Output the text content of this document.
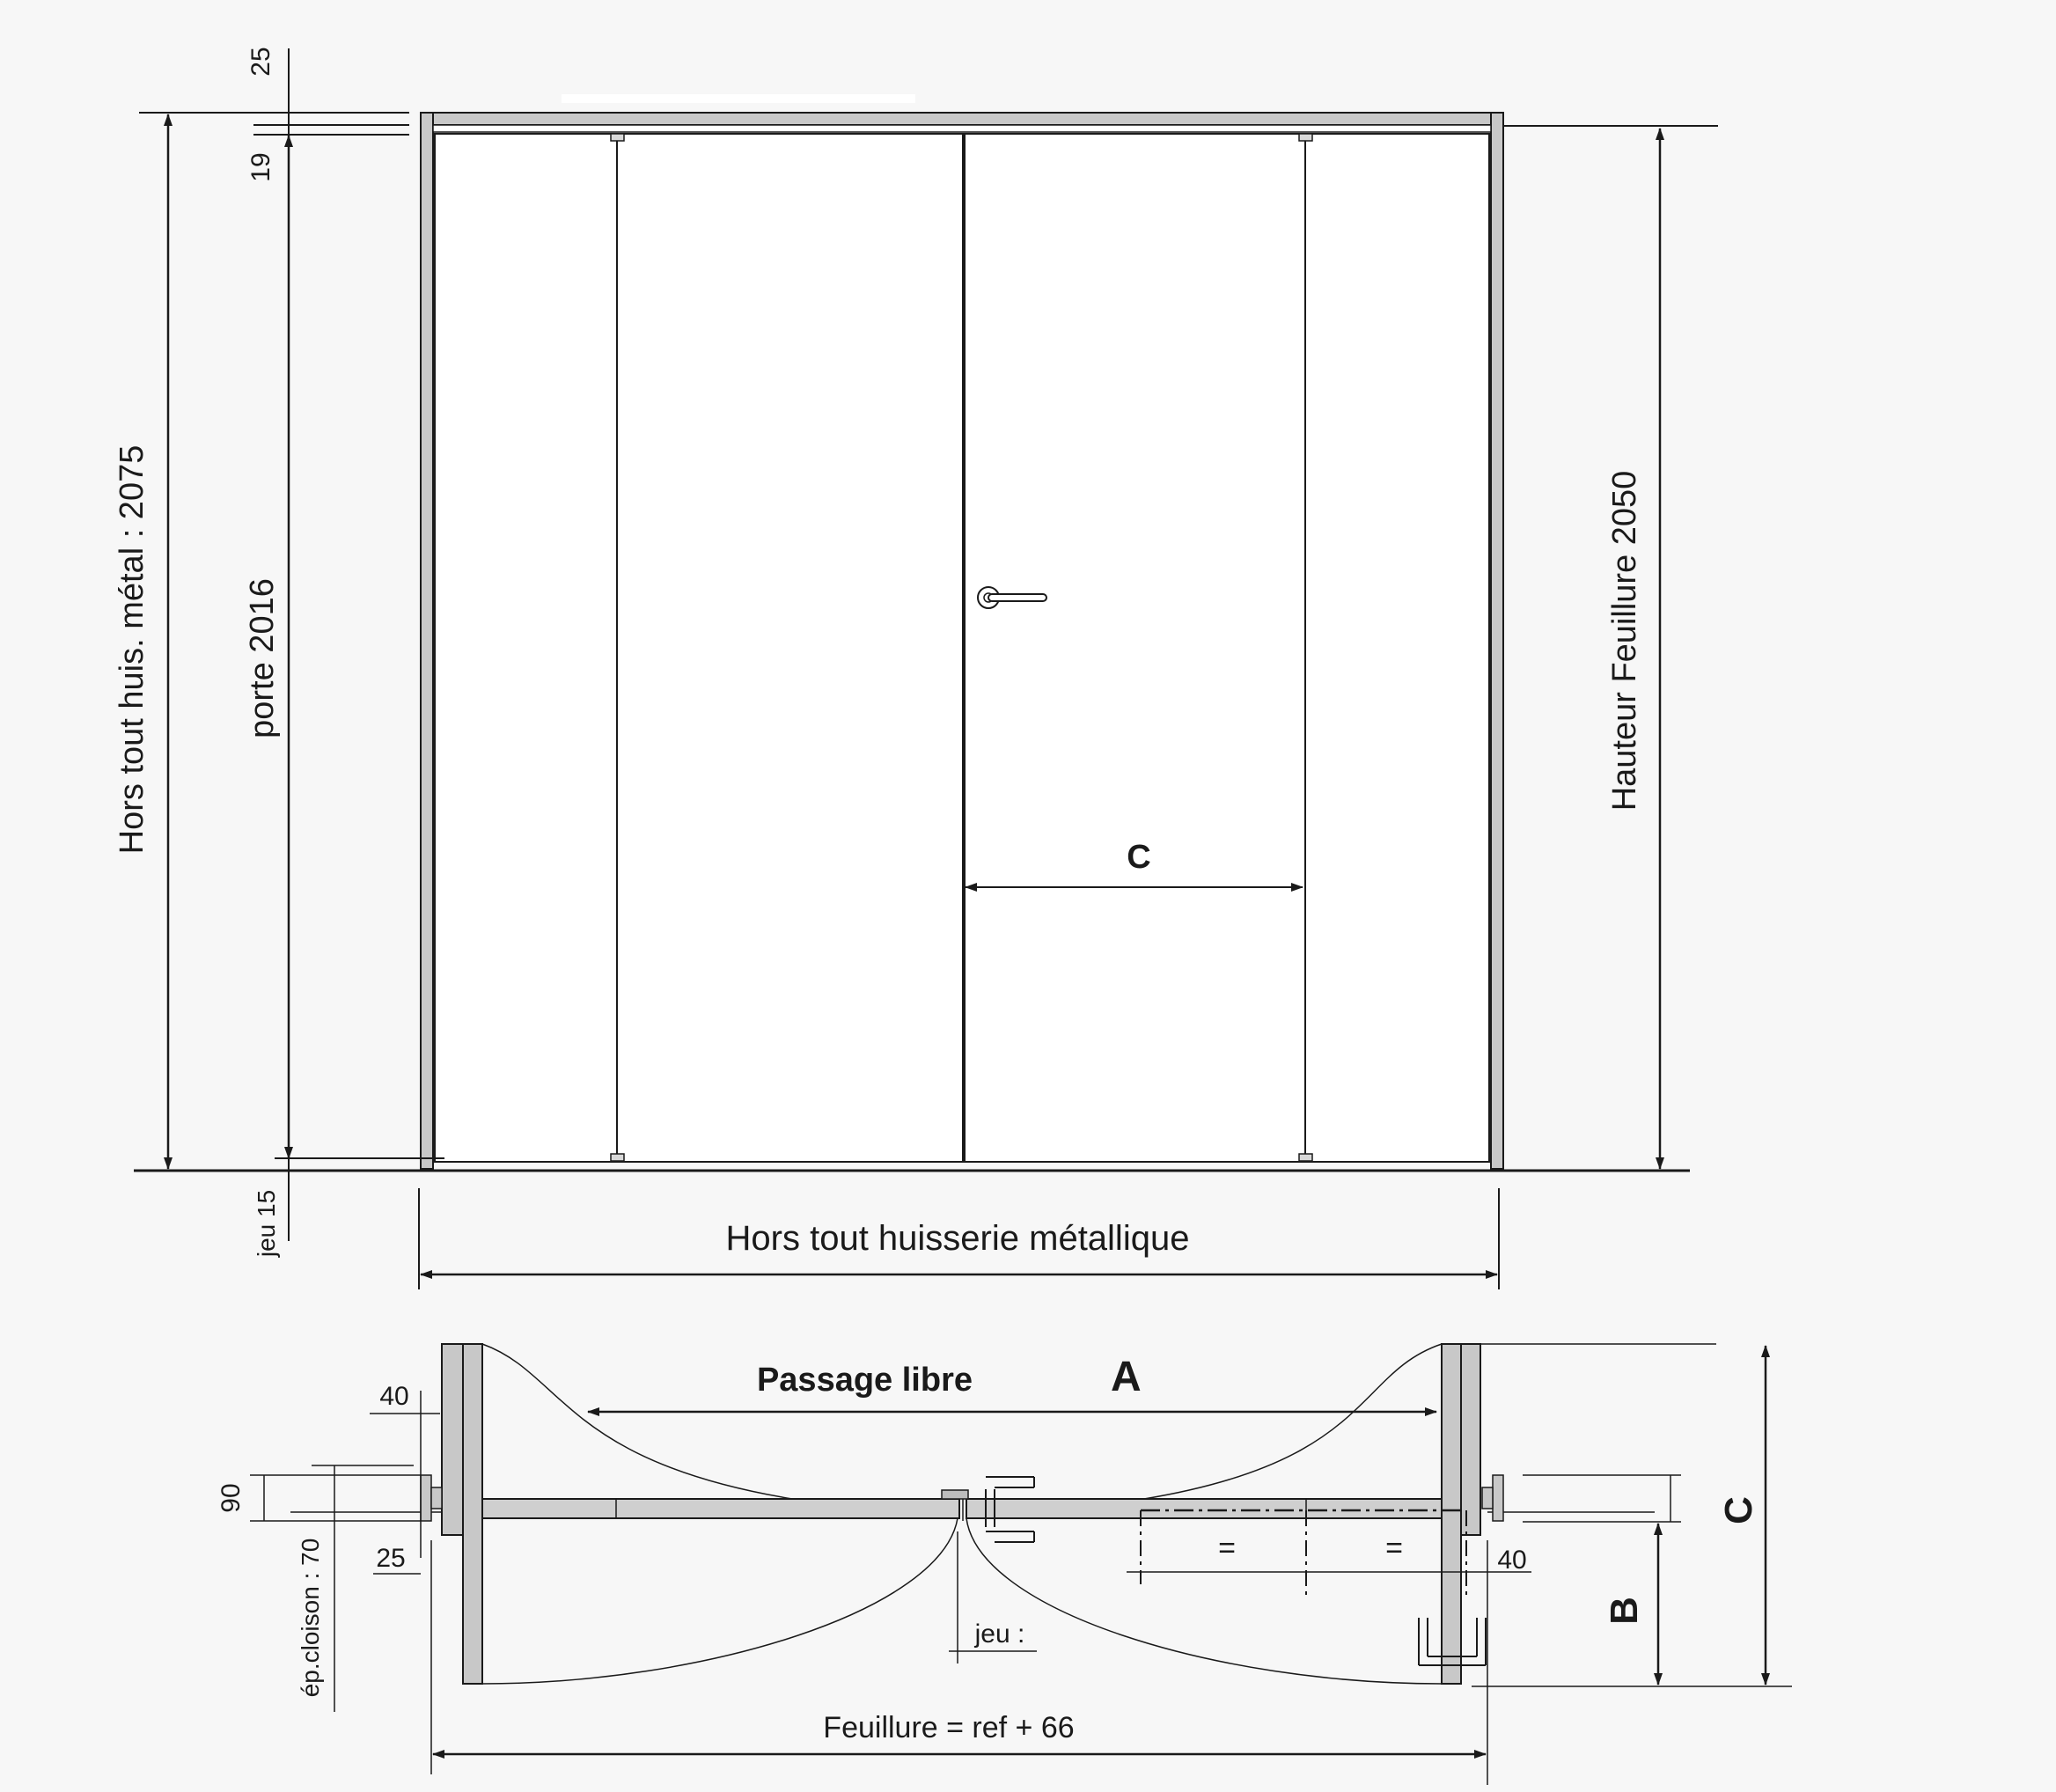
C
Hors tout huis. métal : 2075	porte 2016
25
19
jeu 15
Hauteur Feuillure 2050
Hors tout huisserie métallique
Passage libre	A
40
90
25
ép.cloison : 70	jeu :
=	=	40
B
C
Feuillure = ref + 66
